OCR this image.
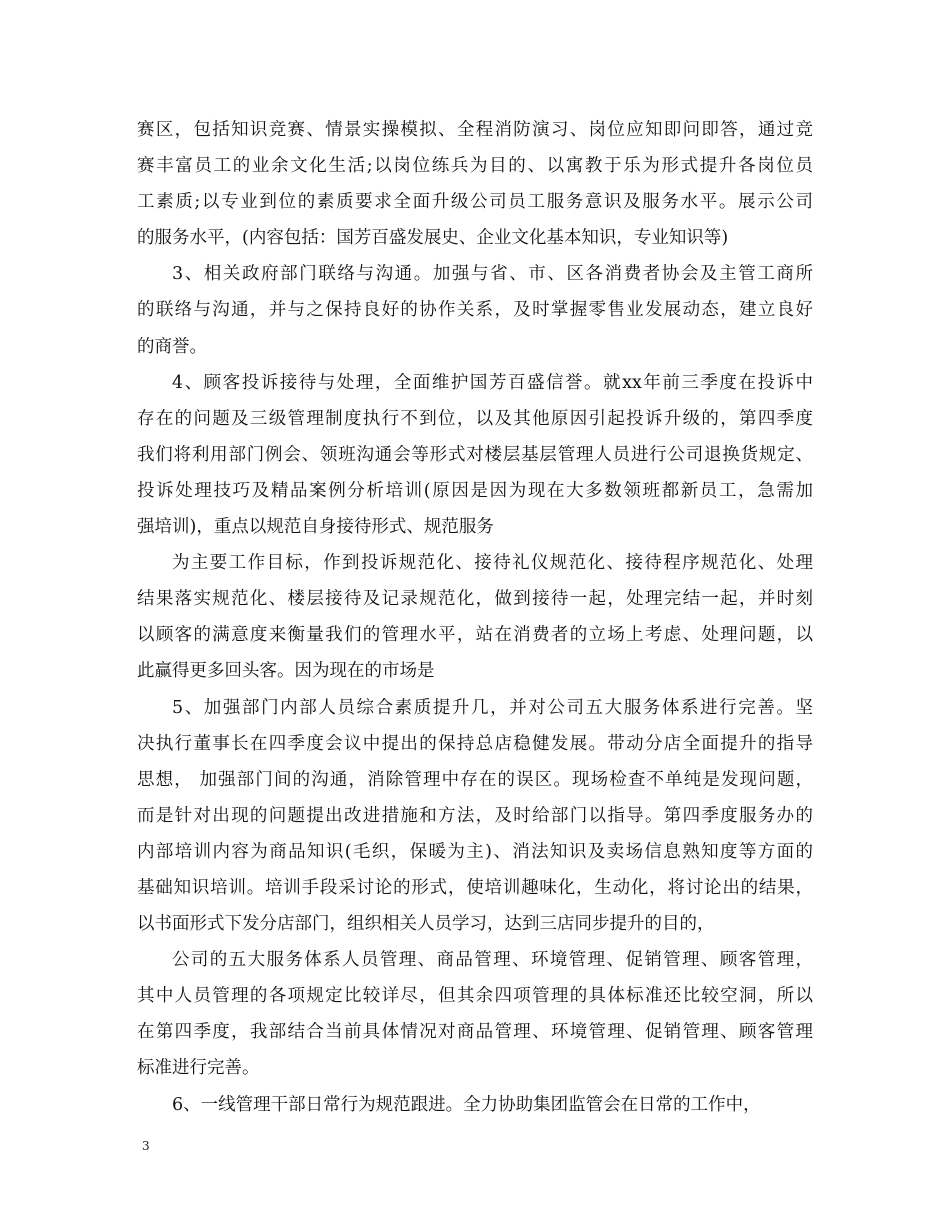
赛区，包括知识竞赛、情景实操模拟、全程消防演习、岗位应知即问即答，通过竞
赛丰富员工的业余文化生活;以岗位练兵为目的、以寓教于乐为形式提升各岗位员
工素质;以专业到位的素质要求全面升级公司员工服务意识及服务水平。展示公司
的服务水平，(内容包括：国芳百盛发展史、企业文化基本知识，专业知识等)
3、相关政府部门联络与沟通。加强与省、市、区各消费者协会及主管工商所
的联络与沟通，并与之保持良好的协作关系，及时掌握零售业发展动态，建立良好
的商誉。
4、顾客投诉接待与处理，全面维护国芳百盛信誉。就xx年前三季度在投诉中
存在的问题及三级管理制度执行不到位，以及其他原因引起投诉升级的，第四季度
我们将利用部门例会、领班沟通会等形式对楼层基层管理人员进行公司退换货规定、
投诉处理技巧及精品案例分析培训(原因是因为现在大多数领班都新员工，急需加
强培训)，重点以规范自身接待形式、规范服务
为主要工作目标，作到投诉规范化、接待礼仪规范化、接待程序规范化、处理
结果落实规范化、楼层接待及记录规范化，做到接待一起，处理完结一起，并时刻
以顾客的满意度来衡量我们的管理水平，站在消费者的立场上考虑、处理问题，以
此赢得更多回头客。因为现在的市场是
5、加强部门内部人员综合素质提升几，并对公司五大服务体系进行完善。坚
决执行董事长在四季度会议中提出的保持总店稳健发展。带动分店全面提升的指导
思想， 加强部门间的沟通，消除管理中存在的误区。现场检查不单纯是发现问题，
而是针对出现的问题提出改进措施和方法，及时给部门以指导。第四季度服务办的
内部培训内容为商品知识(毛织，保暖为主)、消法知识及卖场信息熟知度等方面的
基础知识培训。培训手段采讨论的形式，使培训趣味化，生动化，将讨论出的结果，
以书面形式下发分店部门，组织相关人员学习，达到三店同步提升的目的，
公司的五大服务体系人员管理、商品管理、环境管理、促销管理、顾客管理，
其中人员管理的各项规定比较详尽，但其余四项管理的具体标准还比较空洞，所以
在第四季度，我部结合当前具体情况对商品管理、环境管理、促销管理、顾客管理
标准进行完善。
6、一线管理干部日常行为规范跟进。全力协助集团监管会在日常的工作中，
3
